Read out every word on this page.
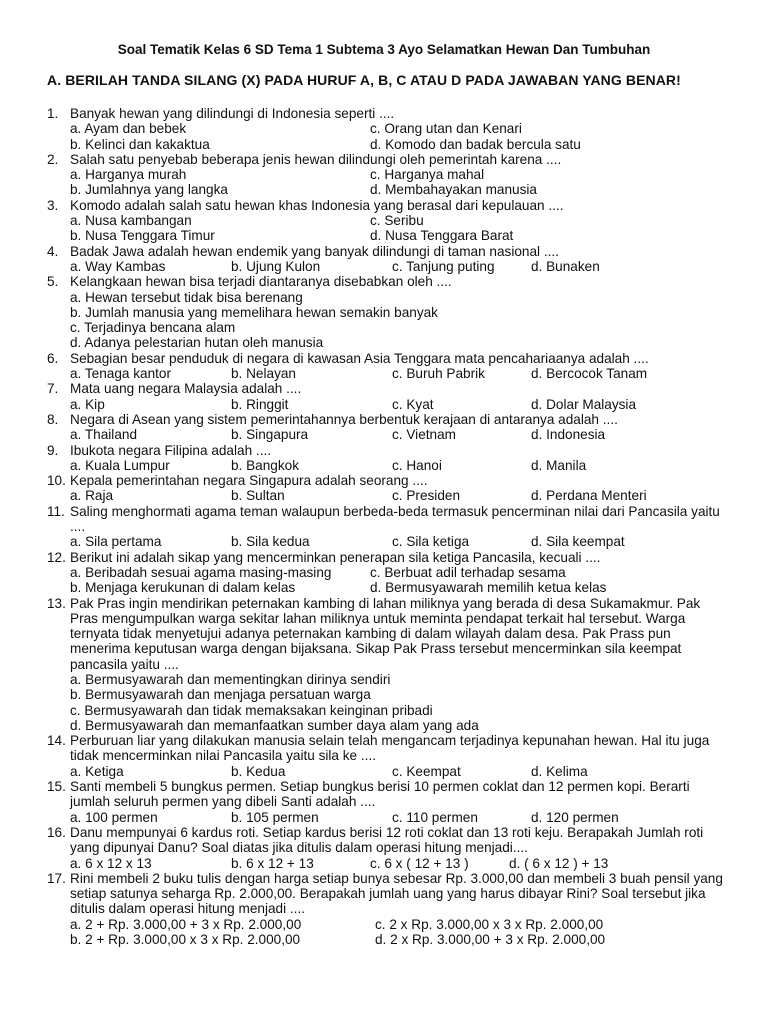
Soal Tematik Kelas 6 SD Tema 1 Subtema 3 Ayo Selamatkan Hewan Dan Tumbuhan
A. BERILAH TANDA SILANG (X) PADA HURUF A, B, C ATAU D PADA JAWABAN YANG BENAR!
1. Banyak hewan yang dilindungi di Indonesia seperti ....
a. Ayam dan bebek	c. Orang utan dan Kenari
b. Kelinci dan kakaktua	d. Komodo dan badak bercula satu
2. Salah satu penyebab beberapa jenis hewan dilindungi oleh pemerintah karena ....
a. Harganya murah	c. Harganya mahal
b. Jumlahnya yang langka	d. Membahayakan manusia
3. Komodo adalah salah satu hewan khas Indonesia yang berasal dari kepulauan ....
a. Nusa kambangan	c. Seribu
b. Nusa Tenggara Timur	d. Nusa Tenggara Barat
4. Badak Jawa adalah hewan endemik yang banyak dilindungi di taman nasional ....
a. Way Kambas	b. Ujung Kulon	c. Tanjung puting	d. Bunaken
5. Kelangkaan hewan bisa terjadi diantaranya disebabkan oleh ....
a. Hewan tersebut tidak bisa berenang
b. Jumlah manusia yang memelihara hewan semakin banyak
c. Terjadinya bencana alam
d. Adanya pelestarian hutan oleh manusia
6. Sebagian besar penduduk di negara di kawasan Asia Tenggara mata pencahariaanya adalah ....
a. Tenaga kantor	b. Nelayan	c. Buruh Pabrik	d. Bercocok Tanam
7. Mata uang negara Malaysia adalah ....
a. Kip	b. Ringgit	c. Kyat	d. Dolar Malaysia
8. Negara di Asean yang sistem pemerintahannya berbentuk kerajaan di antaranya adalah ....
a. Thailand	b. Singapura	c. Vietnam	d. Indonesia
9. Ibukota negara Filipina adalah ....
a. Kuala Lumpur	b. Bangkok	c. Hanoi	d. Manila
10. Kepala pemerintahan negara Singapura adalah seorang ....
a. Raja	b. Sultan	c. Presiden	d. Perdana Menteri
11. Saling menghormati agama teman walaupun berbeda-beda termasuk pencerminan nilai dari Pancasila yaitu ....
a. Sila pertama	b. Sila kedua	c. Sila ketiga	d. Sila keempat
12. Berikut ini adalah sikap yang mencerminkan penerapan sila ketiga Pancasila, kecuali ....
a. Beribadah sesuai agama masing-masing	c. Berbuat adil terhadap sesama
b. Menjaga kerukunan di dalam kelas	d. Bermusyawarah memilih ketua kelas
13. Pak Pras ingin mendirikan peternakan kambing di lahan miliknya yang berada di desa Sukamakmur. Pak Pras mengumpulkan warga sekitar lahan miliknya untuk meminta pendapat terkait hal tersebut. Warga ternyata tidak menyetujui adanya peternakan kambing di dalam wilayah dalam desa. Pak Prass pun menerima keputusan warga dengan bijaksana. Sikap Pak Prass tersebut mencerminkan sila keempat pancasila yaitu ....
a. Bermusyawarah dan mementingkan dirinya sendiri
b. Bermusyawarah dan menjaga persatuan warga
c. Bermusyawarah dan tidak memaksakan keinginan pribadi
d. Bermusyawarah dan memanfaatkan sumber daya alam yang ada
14. Perburuan liar yang dilakukan manusia selain telah mengancam terjadinya kepunahan hewan. Hal itu juga tidak mencerminkan nilai Pancasila yaitu sila ke ....
a. Ketiga	b. Kedua	c. Keempat	d. Kelima
15. Santi membeli 5 bungkus permen. Setiap bungkus berisi 10 permen coklat dan 12 permen kopi. Berarti jumlah seluruh permen yang dibeli Santi adalah ....
a. 100 permen	b. 105 permen	c. 110 permen	d. 120 permen
16. Danu mempunyai 6 kardus roti. Setiap kardus berisi 12 roti coklat dan 13 roti keju. Berapakah Jumlah roti yang dipunyai Danu? Soal diatas jika ditulis dalam operasi hitung menjadi....
a. 6 x 12 x 13	b. 6 x 12 + 13	c. 6 x ( 12 + 13 )	d. ( 6 x 12 ) + 13
17. Rini membeli 2 buku tulis dengan harga setiap bunya sebesar Rp. 3.000,00 dan membeli 3 buah pensil yang setiap satunya seharga Rp. 2.000,00. Berapakah jumlah uang yang harus dibayar Rini? Soal tersebut jika ditulis dalam operasi hitung menjadi ....
a. 2 + Rp. 3.000,00 + 3 x Rp. 2.000,00	c. 2 x Rp. 3.000,00 x 3 x Rp. 2.000,00
b. 2 + Rp. 3.000,00 x 3 x Rp. 2.000,00	d. 2 x Rp. 3.000,00 + 3 x Rp. 2.000,00
